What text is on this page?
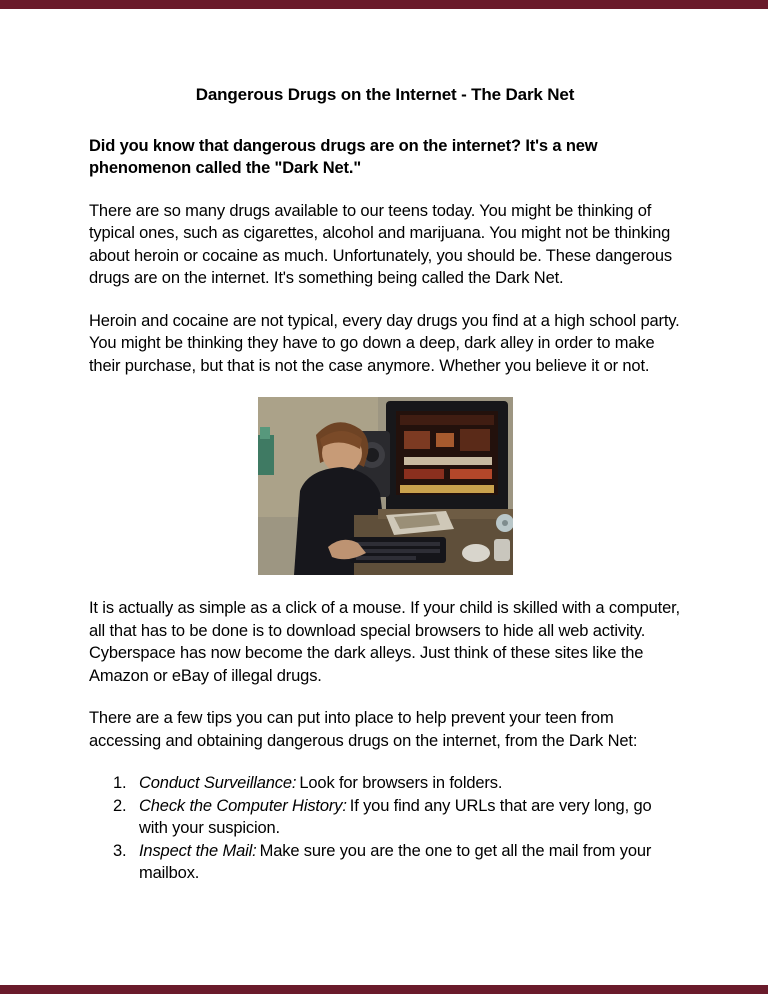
Dangerous Drugs on the Internet - The Dark Net

Did you know that dangerous drugs are on the internet? It's a new phenomenon called the "Dark Net."

There are so many drugs available to our teens today. You might be thinking of typical ones, such as cigarettes, alcohol and marijuana. You might not be thinking about heroin or cocaine as much. Unfortunately, you should be. These dangerous drugs are on the internet. It's something being called the Dark Net.

Heroin and cocaine are not typical, every day drugs you find at a high school party. You might be thinking they have to go down a deep, dark alley in order to make their purchase, but that is not the case anymore. Whether you believe it or not.

It is actually as simple as a click of a mouse. If your child is skilled with a computer, all that has to be done is to download special browsers to hide all web activity. Cyberspace has now become the dark alleys. Just think of these sites like the Amazon or eBay of illegal drugs.

There are a few tips you can put into place to help prevent your teen from accessing and obtaining dangerous drugs on the internet, from the Dark Net:

1. Conduct Surveillance: Look for browsers in folders.
2. Check the Computer History: If you find any URLs that are very long, go with your suspicion.
3. Inspect the Mail: Make sure you are the one to get all the mail from your mailbox.
